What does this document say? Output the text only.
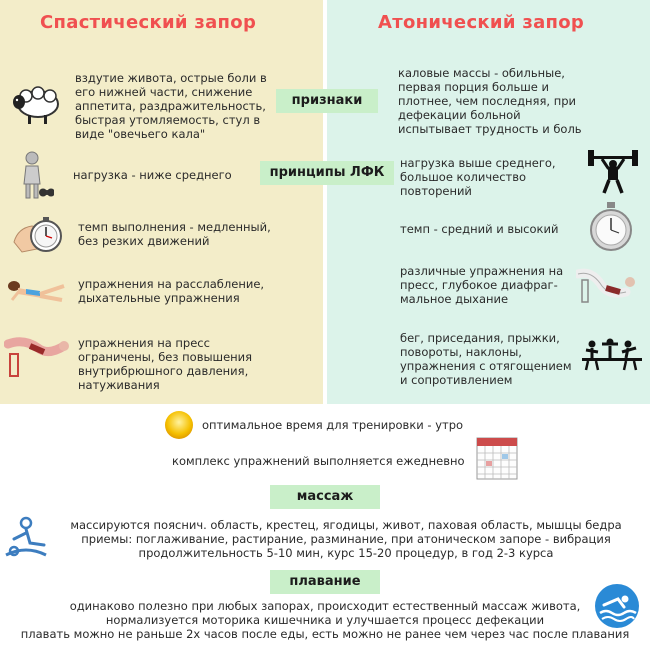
Спастический запор	Атонический запор
признаки
принципы ЛФК
массаж
плавание
вздутие живота, острые боли в
его нижней части, снижение
аппетита, раздражительность,
быстрая утомляемость, стул в
виде "овечьего кала"
нагрузка - ниже среднего
темп выполнения - медленный,
без резких движений
упражнения на расслабление,
дыхательные упражнения
упражнения на пресс
ограничены, без повышения
внутрибрюшного давления,
натуживания
каловые массы - обильные,
первая порция больше и
плотнее, чем последняя, при
дефекации больной
испытывает трудность и боль
нагрузка выше среднего,
большое количество
повторений
темп - средний и высокий
различные упражнения на
пресс, глубокое диафраг-
мальное дыхание
бег, приседания, прыжки,
повороты, наклоны,
упражнения с отягощением
и сопротивлением
оптимальное время для тренировки - утро
комплекс упражнений выполняется ежедневно
массируются пояснич. область, крестец, ягодицы, живот, паховая область, мышцы бедра
приемы: поглаживание, растирание, разминание, при атоническом запоре - вибрация
продолжительность 5-10 мин, курс 15-20 процедур, в год 2-3 курса
одинаково полезно при любых запорах, происходит естественный массаж живота,
нормализуется моторика кишечника и улучшается процесс дефекации
плавать можно не раньше 2х часов после еды, есть можно не ранее чем через час после плавания
